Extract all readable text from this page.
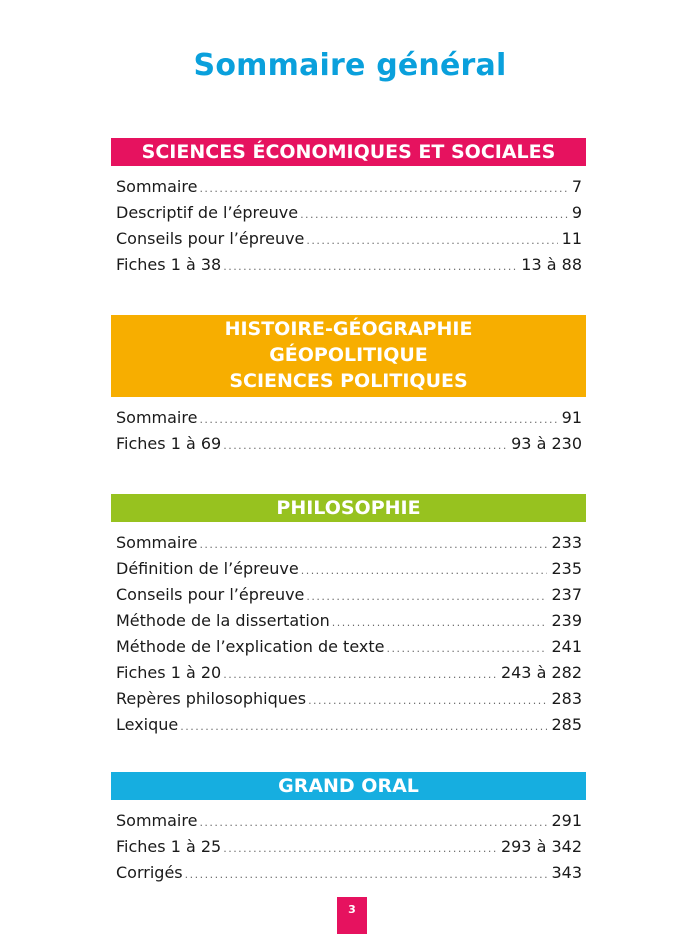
Sommaire général
SCIENCES ÉCONOMIQUES ET SOCIALES
Sommaire . . .	7
Descriptif de l’épreuve . . .	9
Conseils pour l’épreuve . . .	11
Fiches 1 à 38 . . .	13 à 88
HISTOIRE-GÉOGRAPHIE
GÉOPOLITIQUE
SCIENCES POLITIQUES
Sommaire . . .	91
Fiches 1 à 69 . . .	93 à 230
PHILOSOPHIE
Sommaire . . .	233
Définition de l’épreuve . . .	235
Conseils pour l’épreuve . . .	237
Méthode de la dissertation . . .	239
Méthode de l’explication de texte . . .	241
Fiches 1 à 20 . . .	243 à 282
Repères philosophiques . . .	283
Lexique . . .	285
GRAND ORAL
Sommaire . . .	291
Fiches 1 à 25 . . .	293 à 342
Corrigés . . .	343
3
